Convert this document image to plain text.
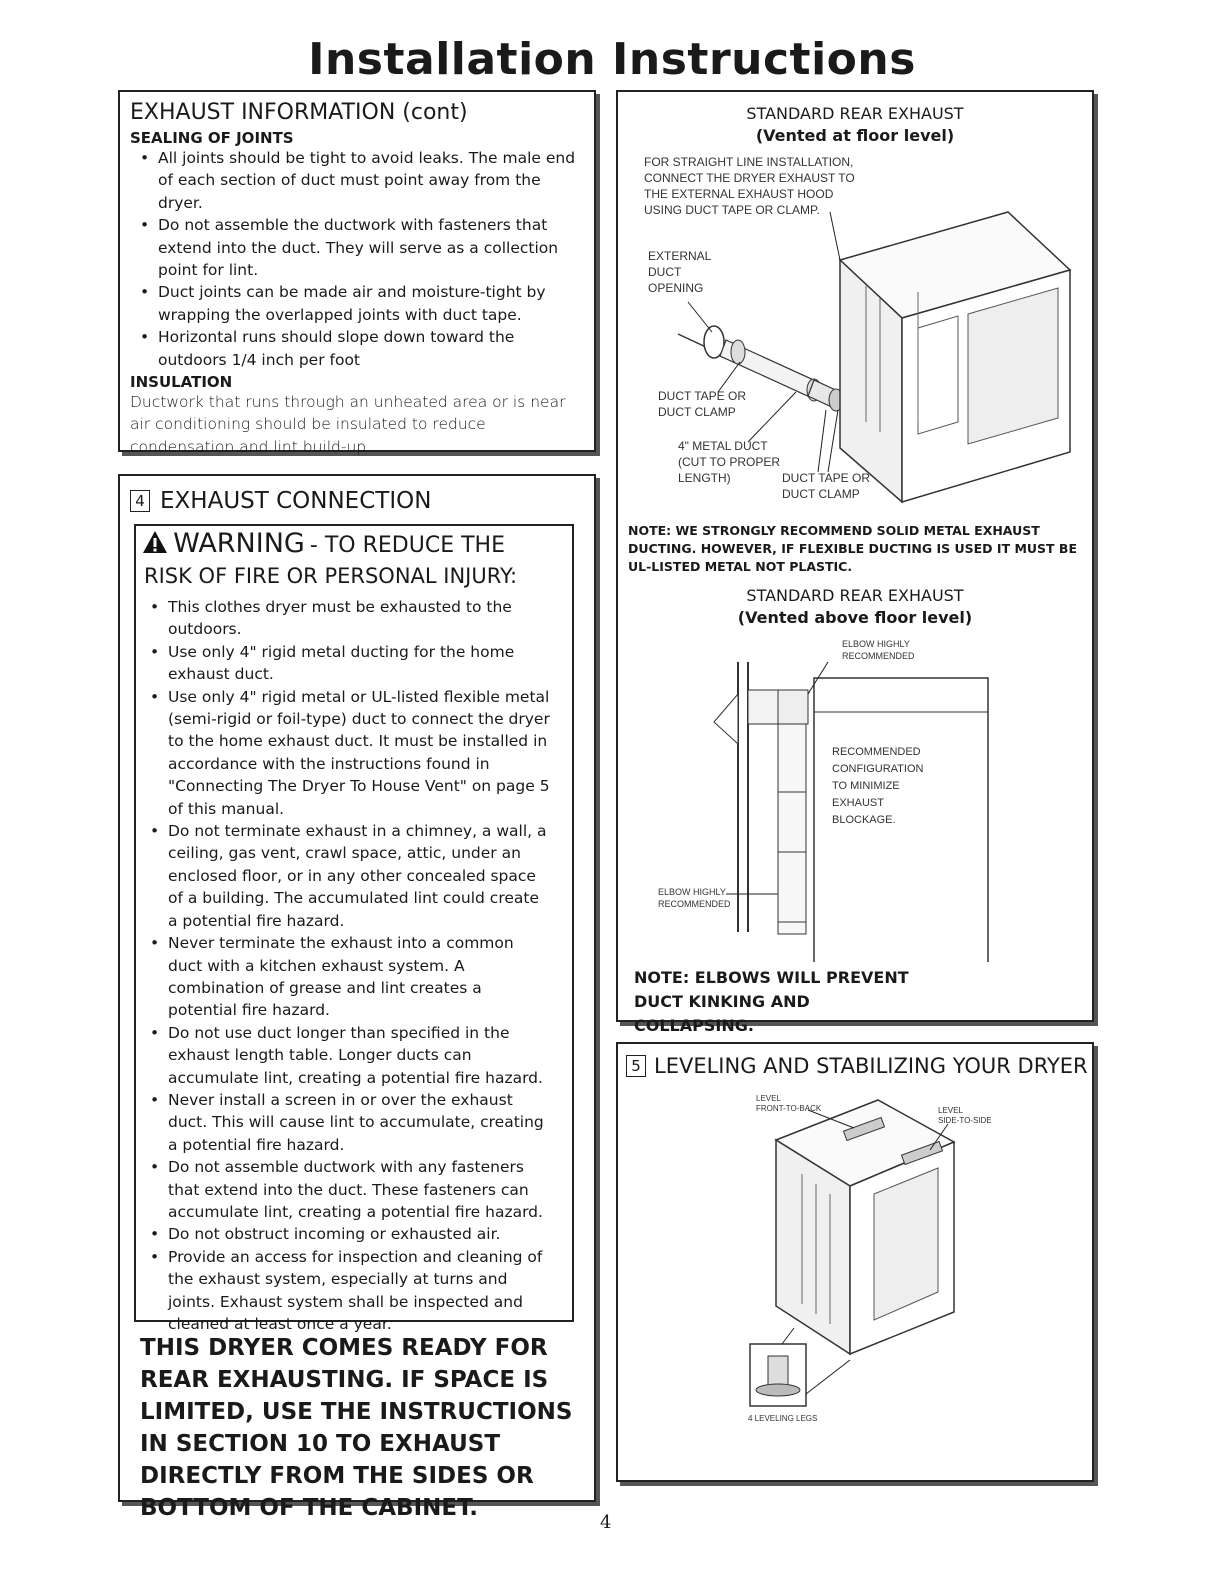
Installation Instructions
EXHAUST INFORMATION (cont)
SEALING OF JOINTS
• All joints should be tight to avoid leaks. The male end of each section of duct must point away from the dryer.
• Do not assemble the ductwork with fasteners that extend into the duct. They will serve as a collection point for lint.
• Duct joints can be made air and moisture-tight by wrapping the overlapped joints with duct tape.
• Horizontal runs should slope down toward the outdoors 1/4 inch per foot
INSULATION
Ductwork that runs through an unheated area or is near air conditioning should be insulated to reduce condensation and lint build-up.
4 EXHAUST CONNECTION
WARNING - TO REDUCE THE
RISK OF FIRE OR PERSONAL INJURY:
• This clothes dryer must be exhausted to the outdoors.
• Use only 4" rigid metal ducting for the home exhaust duct.
• Use only 4" rigid metal or UL-listed flexible metal (semi-rigid or foil-type) duct to connect the dryer to the home exhaust duct. It must be installed in accordance with the instructions found in "Connecting The Dryer To House Vent" on page 5 of this manual.
• Do not terminate exhaust in a chimney, a wall, a ceiling, gas vent, crawl space, attic, under an enclosed floor, or in any other concealed space of a building. The accumulated lint could create a potential fire hazard.
• Never terminate the exhaust into a common duct with a kitchen exhaust system. A combination of grease and lint creates a potential fire hazard.
• Do not use duct longer than specified in the exhaust length table. Longer ducts can accumulate lint, creating a potential fire hazard.
• Never install a screen in or over the exhaust duct. This will cause lint to accumulate, creating a potential fire hazard.
• Do not assemble ductwork with any fasteners that extend into the duct. These fasteners can accumulate lint, creating a potential fire hazard.
• Do not obstruct incoming or exhausted air.
• Provide an access for inspection and cleaning of the exhaust system, especially at turns and joints. Exhaust system shall be inspected and cleaned at least once a year.
THIS DRYER COMES READY FOR REAR EXHAUSTING. IF SPACE IS LIMITED, USE THE INSTRUCTIONS IN SECTION 10 TO EXHAUST DIRECTLY FROM THE SIDES OR BOTTOM OF THE CABINET.
STANDARD REAR EXHAUST
(Vented at floor level)
FOR STRAIGHT LINE INSTALLATION,
CONNECT THE DRYER EXHAUST TO
THE EXTERNAL EXHAUST HOOD
USING DUCT TAPE OR CLAMP.
EXTERNAL
DUCT
OPENING
DUCT TAPE OR
DUCT CLAMP
4" METAL DUCT
(CUT TO PROPER
LENGTH)	DUCT TAPE OR
DUCT CLAMP
NOTE: WE STRONGLY RECOMMEND SOLID METAL EXHAUST DUCTING. HOWEVER, IF FLEXIBLE DUCTING IS USED IT MUST BE UL-LISTED METAL NOT PLASTIC.
STANDARD REAR EXHAUST
(Vented above floor level)
ELBOW HIGHLY
RECOMMENDED
RECOMMENDED
CONFIGURATION
TO MINIMIZE
EXHAUST
BLOCKAGE.
ELBOW HIGHLY
RECOMMENDED
NOTE: ELBOWS WILL PREVENT DUCT KINKING AND COLLAPSING.
5 LEVELING AND STABILIZING YOUR DRYER
LEVEL
FRONT-TO-BACK	LEVEL
SIDE-TO-SIDE
4 LEVELING LEGS
4
